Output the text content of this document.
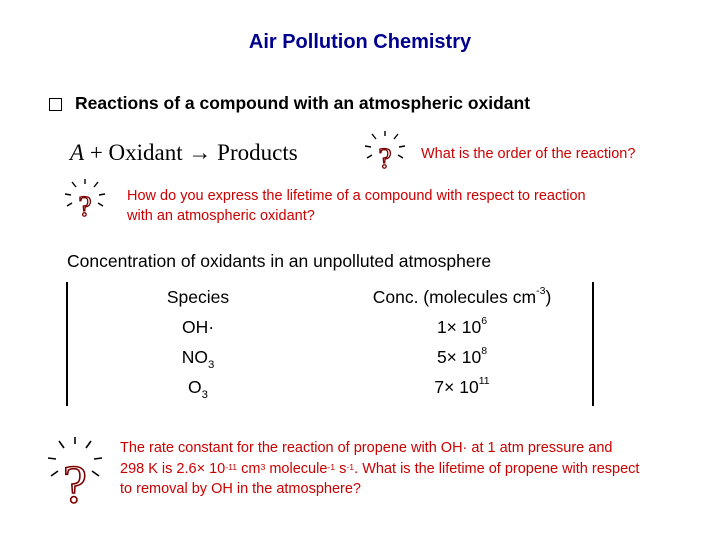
Air Pollution Chemistry
Reactions of a compound with an atmospheric oxidant
A + Oxidant → Products	?
?
?
What is the order of the reaction?
How do you express the lifetime of a compound with respect to reaction with an atmospheric oxidant?
Concentration of oxidants in an unpolluted atmosphere
Species	Conc. (molecules $cm^{-3}$)
OH·	$1\times 10^6$
$NO_3$	$5\times 10^8$
$O_3$	$7\times 10^{11}$
The rate constant for the reaction of propene with OH· at 1 atm pressure and 298 K is $2.6\times 10^{-11}$ $cm^3$ molecule$^{-1}$ $s^{-1}$. What is the lifetime of propene with respect to removal by OH in the atmosphere?
